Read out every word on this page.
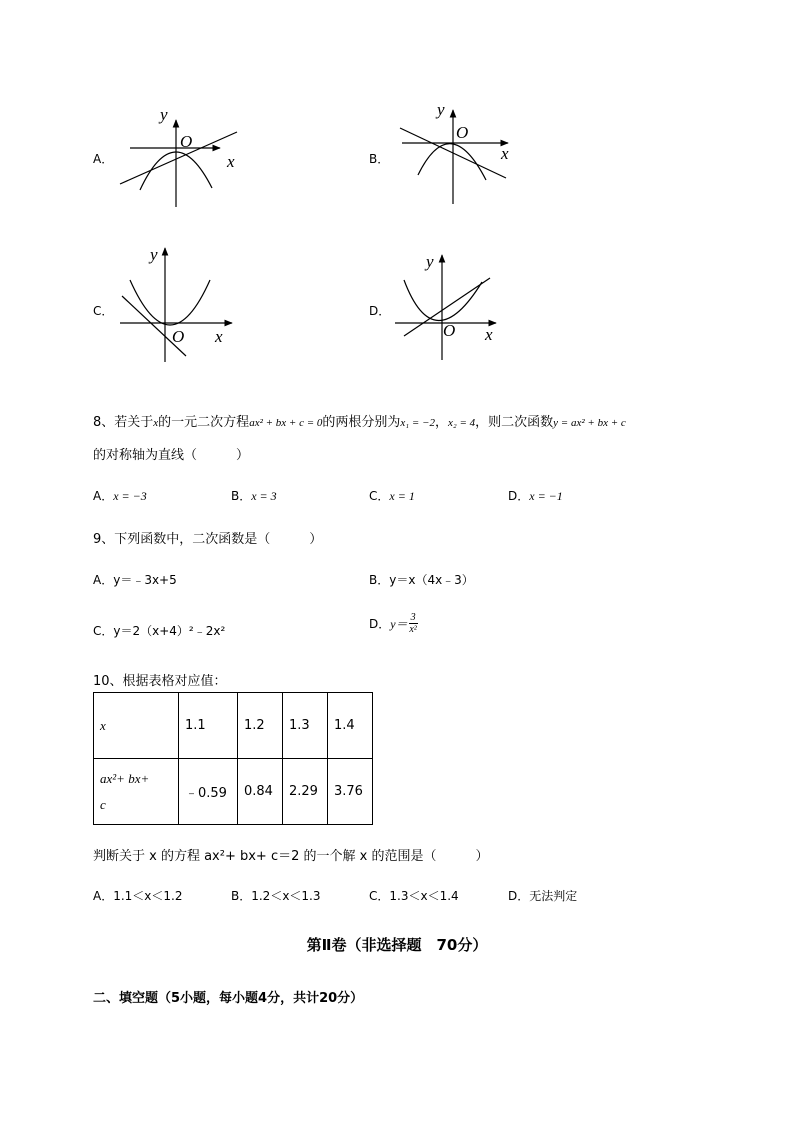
A．
y
O
x	B．
y
O
x
C．
y
O x
D．
y
O x
8、若关于x的一元二次方程ax² + bx + c = 0的两根分别为x₁ = −2，x₂ = 4，则二次函数y = ax² + bx + c
的对称轴为直线（　　　）
A．x = −3	B．x = 3	C．x = 1	D．x = −1
9、下列函数中，二次函数是（　　　）
A．y＝﹣3x+5	B．y＝x（4x﹣3）
C．y＝2（x+4）²﹣2x²	D． y＝ 3
x²
10、根据表格对应值：
x	1.1	1.2	1.3	1.4

ax²+ bx+
c	﹣0.59	0.84	2.29	3.76
判断关于 x 的方程 ax²+ bx+ c＝2 的一个解 x 的范围是（　　　）
A．1.1＜x＜1.2	B．1.2＜x＜1.3	C．1.3＜x＜1.4	D．无法判定
第Ⅱ卷（非选择题　70分）
二、填空题（5小题，每小题4分，共计20分）
